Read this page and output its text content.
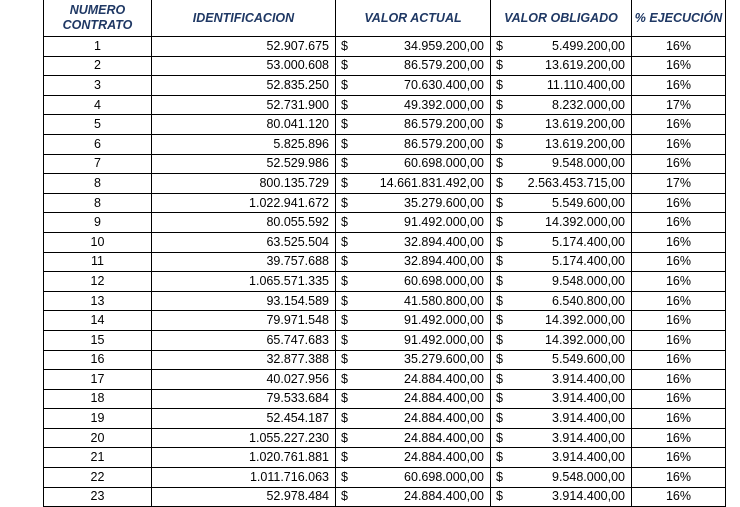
NUMERO CONTRATO	IDENTIFICACION	VALOR ACTUAL	VALOR OBLIGADO	% EJECUCIÓN
1	52.907.675	$ 34.959.200,00	$ 5.499.200,00	16%
2	53.000.608	$ 86.579.200,00	$ 13.619.200,00	16%
3	52.835.250	$ 70.630.400,00	$ 11.110.400,00	16%
4	52.731.900	$ 49.392.000,00	$ 8.232.000,00	17%
5	80.041.120	$ 86.579.200,00	$ 13.619.200,00	16%
6	5.825.896	$ 86.579.200,00	$ 13.619.200,00	16%
7	52.529.986	$ 60.698.000,00	$ 9.548.000,00	16%
8	800.135.729	$ 14.661.831.492,00	$ 2.563.453.715,00	17%
8	1.022.941.672	$ 35.279.600,00	$ 5.549.600,00	16%
9	80.055.592	$ 91.492.000,00	$ 14.392.000,00	16%
10	63.525.504	$ 32.894.400,00	$ 5.174.400,00	16%
11	39.757.688	$ 32.894.400,00	$ 5.174.400,00	16%
12	1.065.571.335	$ 60.698.000,00	$ 9.548.000,00	16%
13	93.154.589	$ 41.580.800,00	$ 6.540.800,00	16%
14	79.971.548	$ 91.492.000,00	$ 14.392.000,00	16%
15	65.747.683	$ 91.492.000,00	$ 14.392.000,00	16%
16	32.877.388	$ 35.279.600,00	$ 5.549.600,00	16%
17	40.027.956	$ 24.884.400,00	$ 3.914.400,00	16%
18	79.533.684	$ 24.884.400,00	$ 3.914.400,00	16%
19	52.454.187	$ 24.884.400,00	$ 3.914.400,00	16%
20	1.055.227.230	$ 24.884.400,00	$ 3.914.400,00	16%
21	1.020.761.881	$ 24.884.400,00	$ 3.914.400,00	16%
22	1.011.716.063	$ 60.698.000,00	$ 9.548.000,00	16%
23	52.978.484	$ 24.884.400,00	$ 3.914.400,00	16%
